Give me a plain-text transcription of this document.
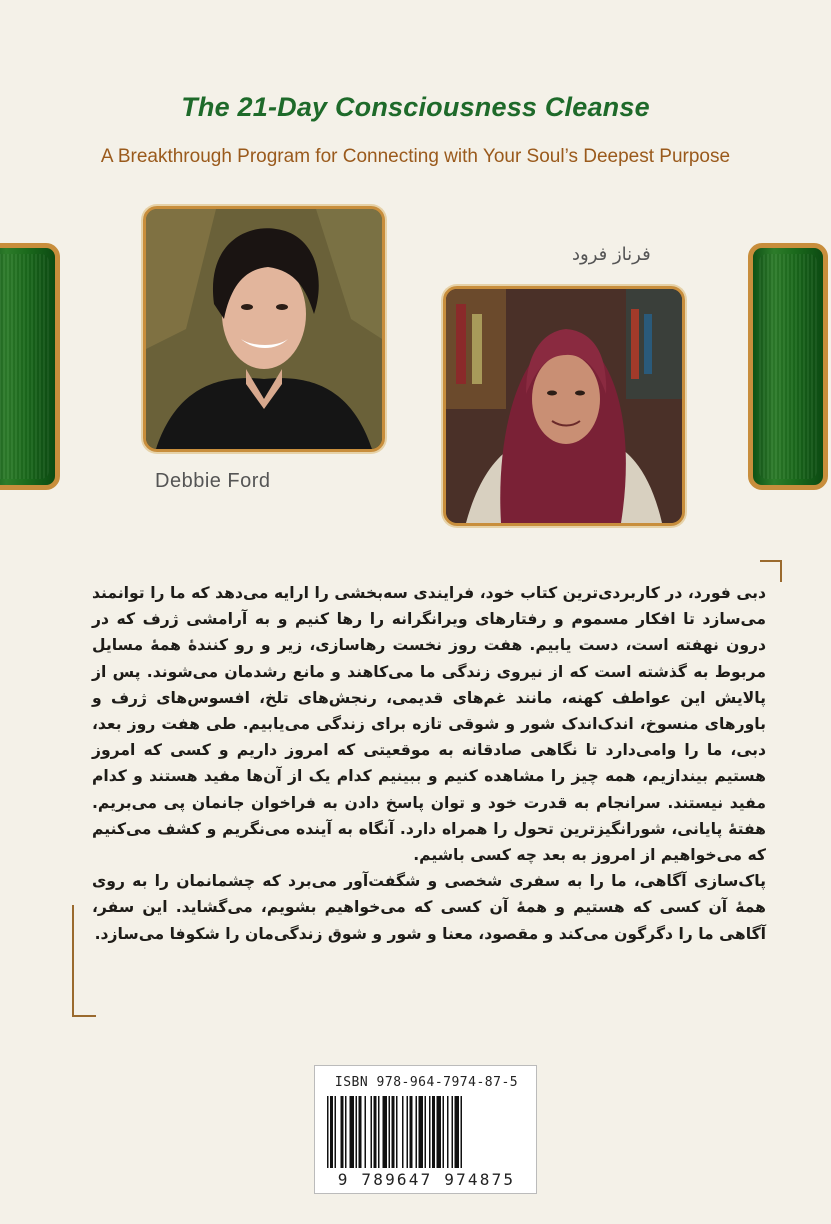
The 21-Day Consciousness Cleanse
A Breakthrough Program for Connecting with Your Soul’s Deepest Purpose
Debbie Ford
فرناز فرود

دبی فورد، در کاربردی‌ترین کتاب خود، فرایندی سه‌بخشی را ارایه می‌دهد که ما را توانمند می‌سازد تا افکار مسموم و رفتارهای ویرانگرانه را رها کنیم و به آرامشی ژرف که در درون نهفته است، دست یابیم. هفت روز نخست رهاسازی، زیر و رو کنندهٔ همهٔ مسایل مربوط به گذشته است که از نیروی زندگی ما می‌کاهند و مانع رشدمان می‌شوند. پس از پالایش این عواطف کهنه، مانند غم‌های قدیمی، رنجش‌های تلخ، افسوس‌های ژرف و باورهای منسوخ، اندک‌اندک شور و شوقی تازه برای زندگی می‌یابیم. طی هفت روز بعد، دبی، ما را وامی‌دارد تا نگاهی صادقانه به موقعیتی که امروز داریم و کسی که امروز هستیم بیندازیم، همه چیز را مشاهده کنیم و ببینیم کدام یک از آن‌ها مفید هستند و کدام مفید نیستند. سرانجام به قدرت خود و توان پاسخ دادن به فراخوان جانمان پی می‌بریم. هفتهٔ پایانی، شورانگیزترین تحول را همراه دارد. آنگاه به آینده می‌نگریم و کشف می‌کنیم که می‌خواهیم از امروز به بعد چه کسی باشیم.

پاک‌سازی آگاهی، ما را به سفری شخصی و شگفت‌آور می‌برد که چشمانمان را به روی همهٔ آن کسی که هستیم و همهٔ آن کسی که می‌خواهیم بشویم، می‌گشاید. این سفر، آگاهی ما را دگرگون می‌کند و مقصود، معنا و شور و شوق زندگی‌مان را شکوفا می‌سازد.

ISBN 978-964-7974-87-5
9 789647 974875
